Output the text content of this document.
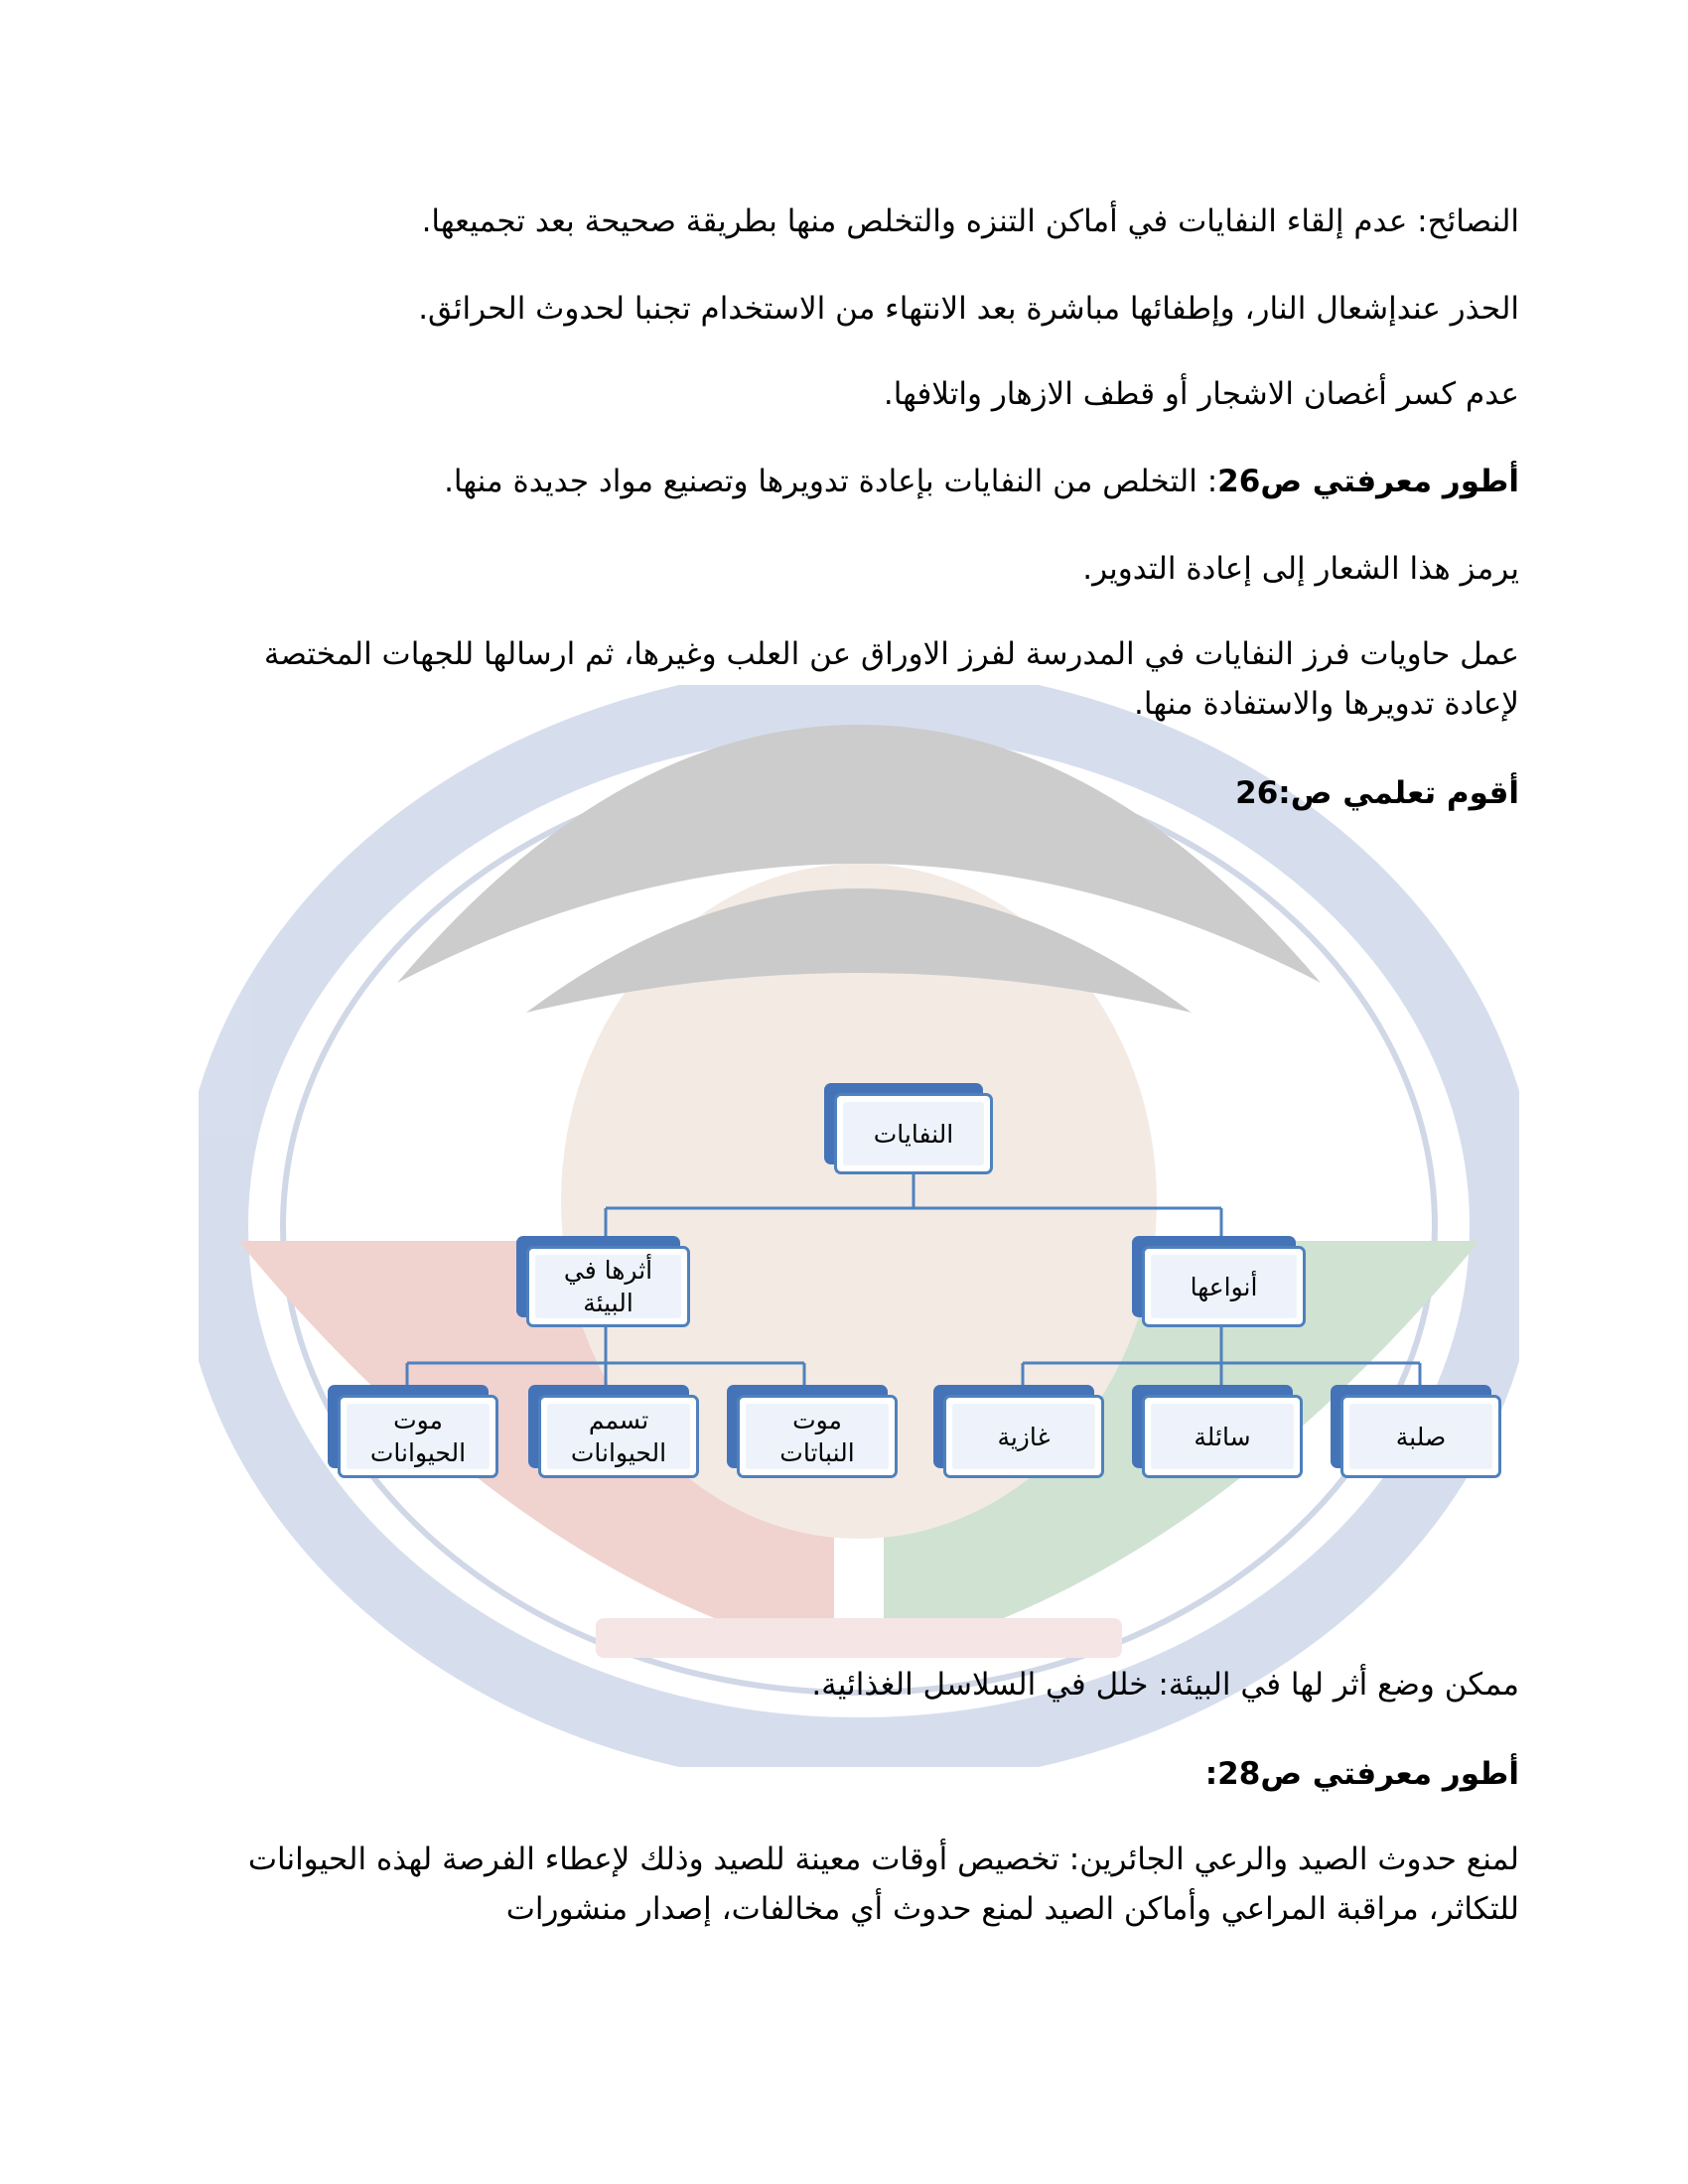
النصائح: عدم إلقاء النفايات في أماكن التنزه والتخلص منها بطريقة صحيحة بعد تجميعها.
الحذر عندإشعال النار، وإطفائها مباشرة بعد الانتهاء من الاستخدام تجنبا لحدوث الحرائق.
عدم كسر أغصان الاشجار أو قطف الازهار واتلافها.
أطور معرفتي ص26: التخلص من النفايات بإعادة تدويرها وتصنيع مواد جديدة منها.
يرمز هذا الشعار إلى إعادة التدوير.
عمل حاويات فرز النفايات في المدرسة لفرز الاوراق عن العلب وغيرها، ثم ارسالها للجهات المختصة لإعادة تدويرها والاستفادة منها.
أقوم تعلمي ص:26
النفايات
أثرها في البيئة
أنواعها
موت الحيوانات
تسمم الحيوانات
موت النباتات
غازية	سائلة	صلبة
ممكن وضع أثر لها في البيئة: خلل في السلاسل الغذائية.
أطور معرفتي ص28:
لمنع حدوث الصيد والرعي الجائرين: تخصيص أوقات معينة للصيد وذلك لإعطاء الفرصة لهذه الحيوانات للتكاثر، مراقبة المراعي وأماكن الصيد لمنع حدوث أي مخالفات، إصدار منشورات
